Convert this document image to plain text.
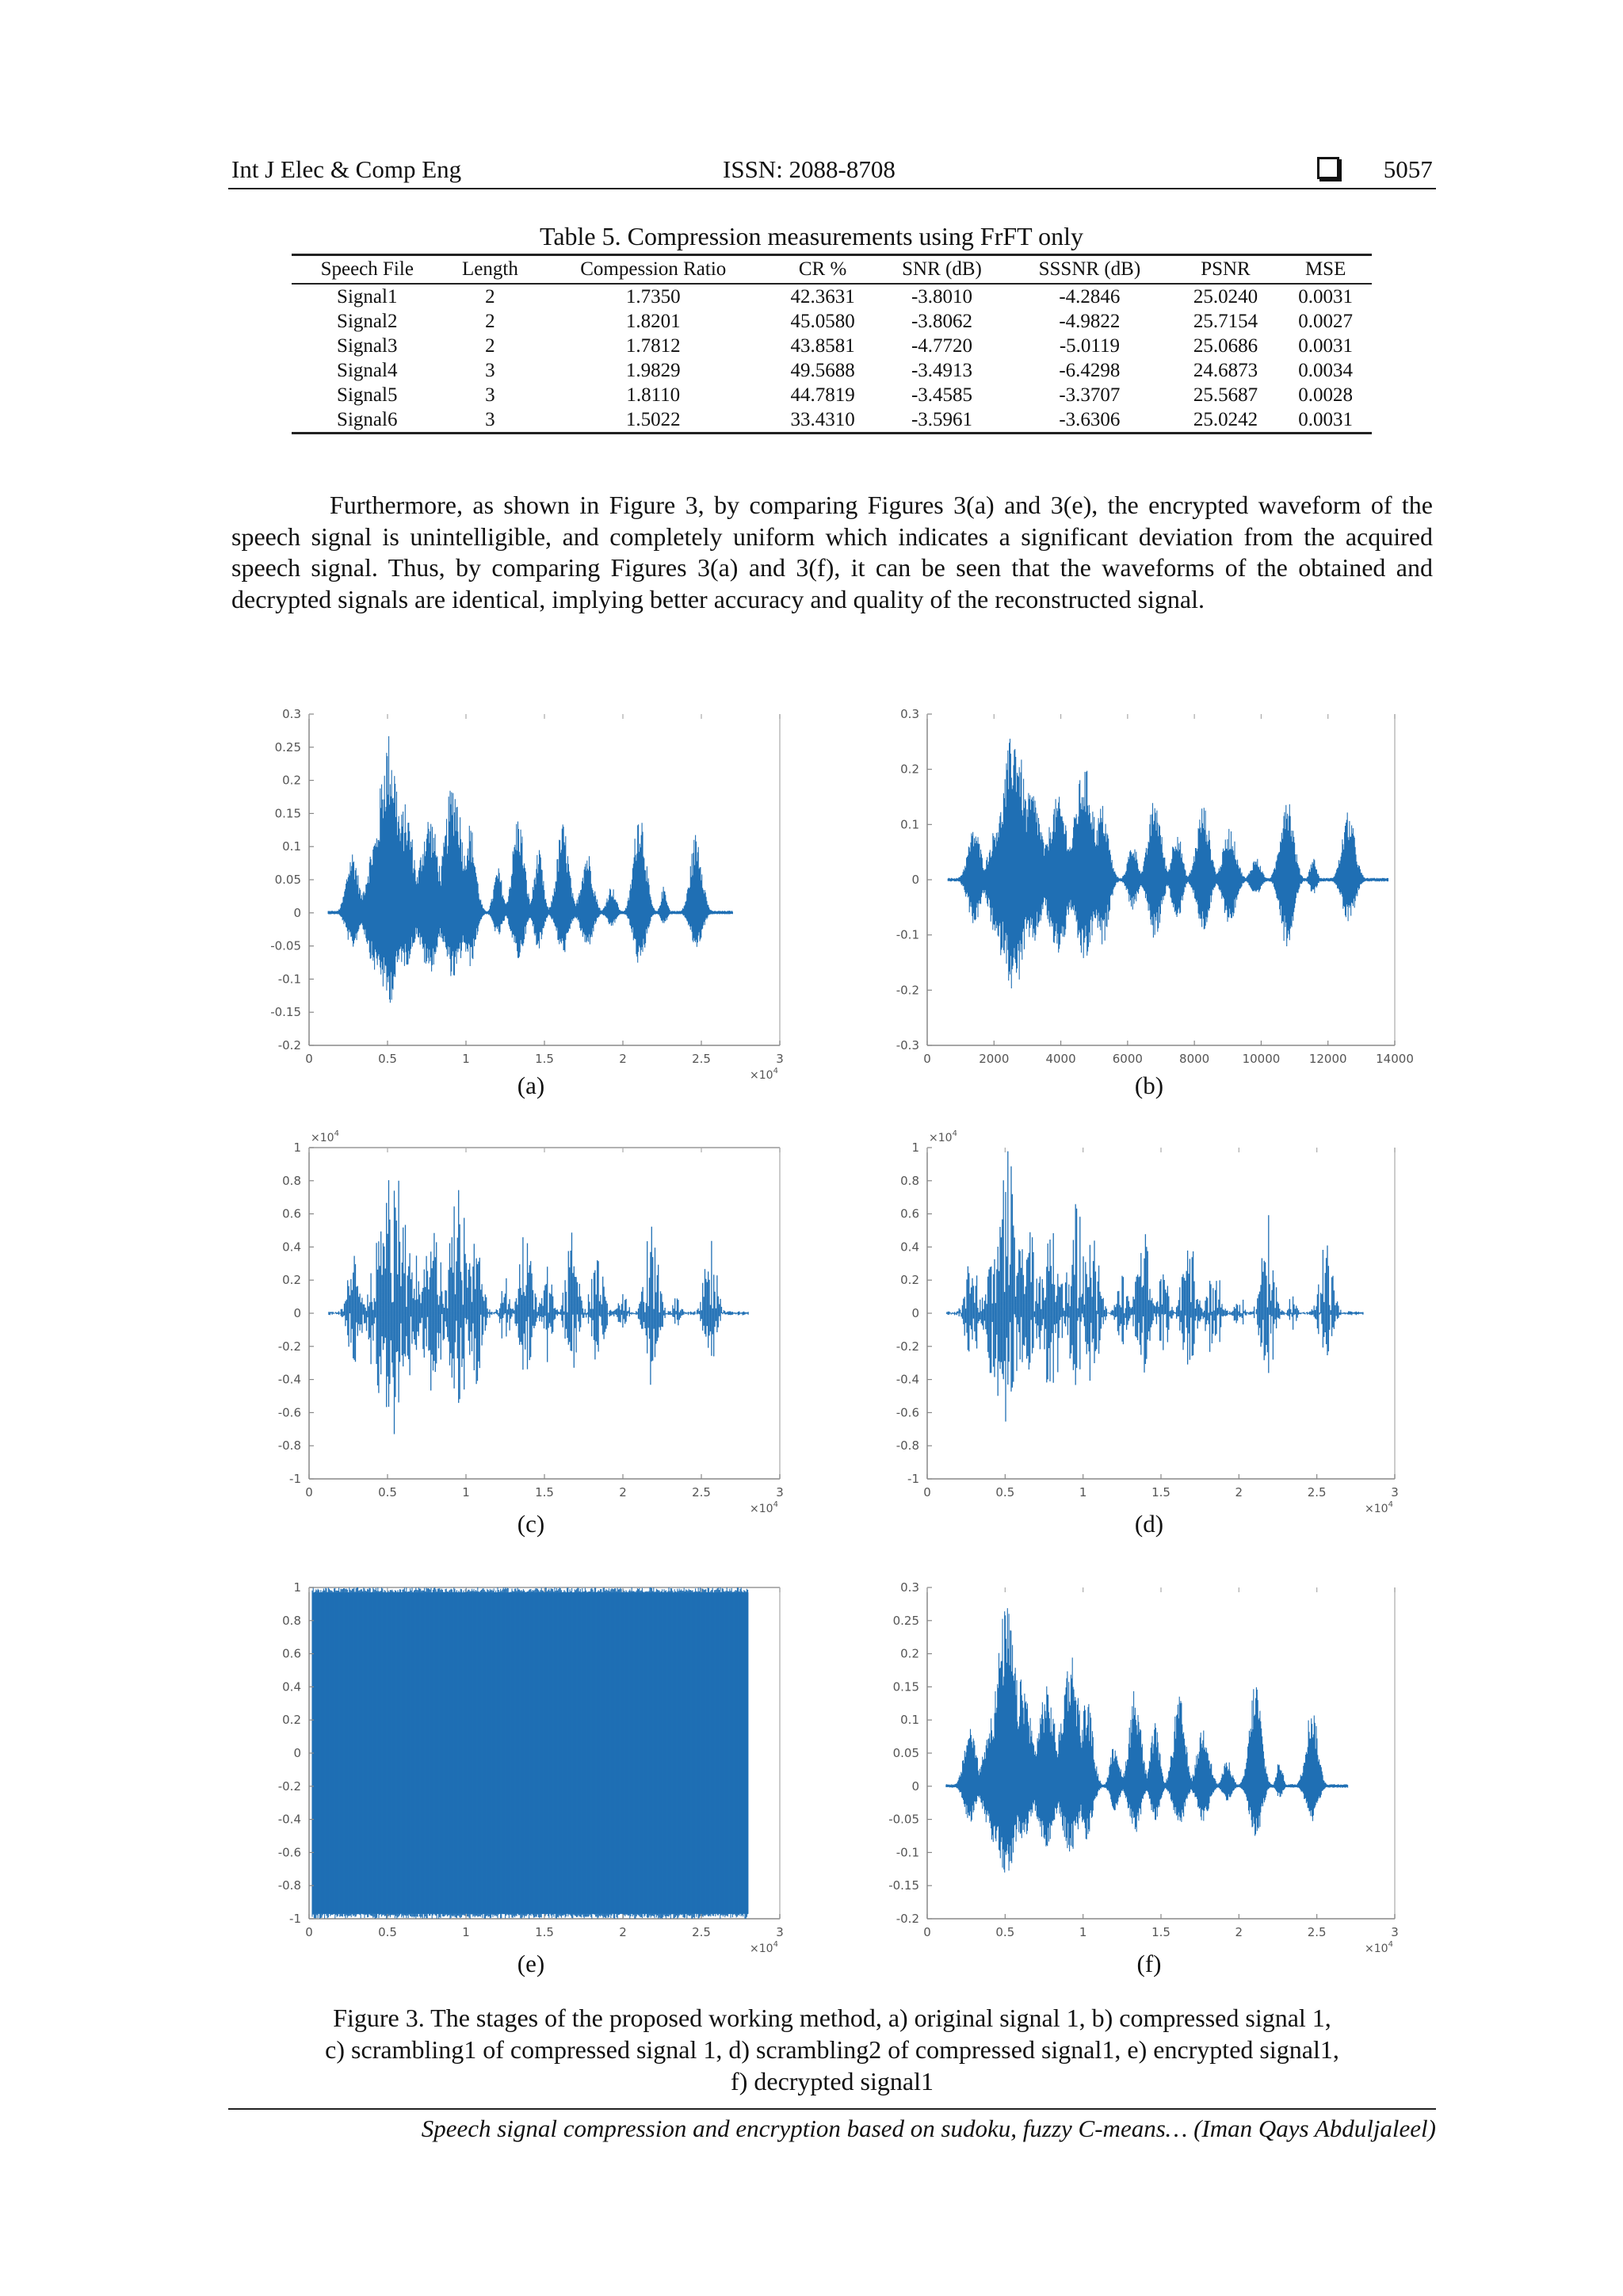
Int J Elec & Comp Eng	ISSN: 2088-8708	5057
Table 5. Compression measurements using FrFT only
Speech File	Length	Compession Ratio	CR %	SNR (dB)	SSSNR (dB)	PSNR	MSE
Signal1	2	1.7350	42.3631	-3.8010	-4.2846	25.0240	0.0031
Signal2	2	1.8201	45.0580	-3.8062	-4.9822	25.7154	0.0027
Signal3	2	1.7812	43.8581	-4.7720	-5.0119	25.0686	0.0031
Signal4	3	1.9829	49.5688	-3.4913	-6.4298	24.6873	0.0034
Signal5	3	1.8110	44.7819	-3.4585	-3.3707	25.5687	0.0028
Signal6	3	1.5022	33.4310	-3.5961	-3.6306	25.0242	0.0031
Furthermore, as shown in Figure 3, by comparing Figures 3(a) and 3(e), the encrypted waveform of the speech signal is unintelligible, and completely uniform which indicates a significant deviation from the acquired speech signal. Thus, by comparing Figures 3(a) and 3(f), it can be seen that the waveforms of the obtained and decrypted signals are identical, implying better accuracy and quality of the reconstructed signal.
0.3
0.25
0.2
0.15
0.1
0.05
0
-0.05
-0.1
-0.15
-0.2
0	0.5	1	1.5	2	2.5	3
$\times 10^4$
(a)
0.3
0.2
0.1
0
-0.1
-0.2
-0.3
0	2000	4000	6000	8000	10000 12000 14000
(b)
1
0.8
0.6
0.4
0.2
0
-0.2
-0.4
-0.6
-0.8
-1
0	0.5	1	1.5	2	2.5	3
$\times 10^4$
$\times 10^4$
(c)
1
0.8
0.6
0.4
0.2
0
-0.2
-0.4
-0.6
-0.8
-1
0	0.5	1	1.5	2	2.5	3
$\times 10^4$
$\times 10^4$
(d)
1
0.8
0.6
0.4
0.2
0
-0.2
-0.4
-0.6
-0.8
-1
0	0.5	1	1.5	2	2.5	3
$\times 10^4$
(e)
0.3
0.25
0.2
0.15
0.1
0.05
0
-0.05
-0.1
-0.15
-0.2
0	0.5	1	1.5	2	2.5	3
$\times 10^4$
(f)
Figure 3. The stages of the proposed working method, a) original signal 1, b) compressed signal 1,
c) scrambling1 of compressed signal 1, d) scrambling2 of compressed signal1, e) encrypted signal1,
f) decrypted signal1
Speech signal compression and encryption based on sudoku, fuzzy C-means… (Iman Qays Abduljaleel)
